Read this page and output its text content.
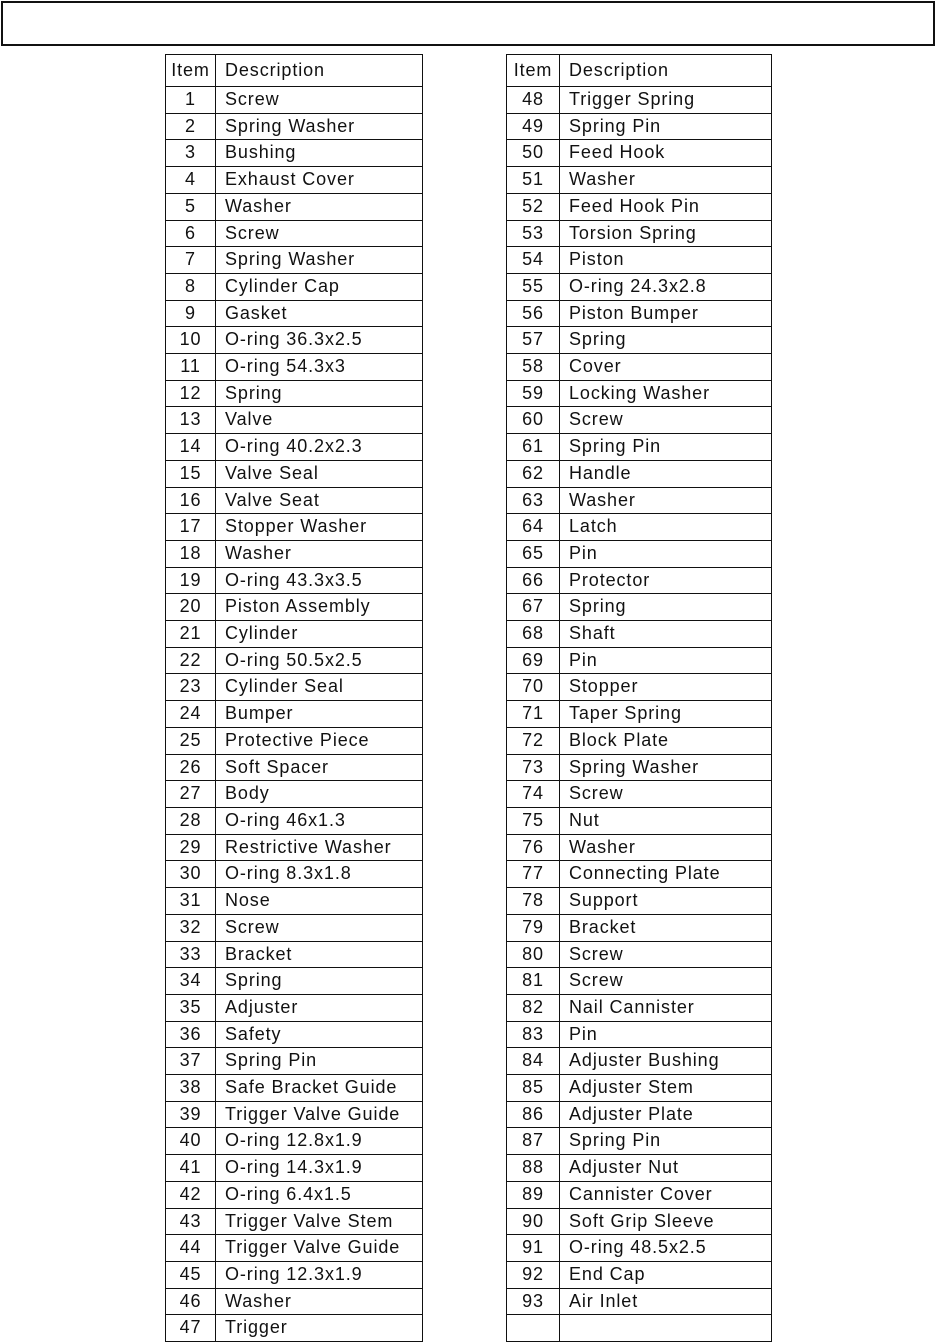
Item	Description
1	Screw
2	Spring Washer
3	Bushing
4	Exhaust Cover
5	Washer
6	Screw
7	Spring Washer
8	Cylinder Cap
9	Gasket
10	O-ring 36.3x2.5
11	O-ring 54.3x3
12	Spring
13	Valve
14	O-ring 40.2x2.3
15	Valve Seal
16	Valve Seat
17	Stopper Washer
18	Washer
19	O-ring 43.3x3.5
20	Piston Assembly
21	Cylinder
22	O-ring 50.5x2.5
23	Cylinder Seal
24	Bumper
25	Protective Piece
26	Soft Spacer
27	Body
28	O-ring 46x1.3
29	Restrictive Washer
30	O-ring 8.3x1.8
31	Nose
32	Screw
33	Bracket
34	Spring
35	Adjuster
36	Safety
37	Spring Pin
38	Safe Bracket Guide
39	Trigger Valve Guide
40	O-ring 12.8x1.9
41	O-ring 14.3x1.9
42	O-ring 6.4x1.5
43	Trigger Valve Stem
44	Trigger Valve Guide
45	O-ring 12.3x1.9
46	Washer
47	Trigger
Item	Description
48	Trigger Spring
49	Spring Pin
50	Feed Hook
51	Washer
52	Feed Hook Pin
53	Torsion Spring
54	Piston
55	O-ring 24.3x2.8
56	Piston Bumper
57	Spring
58	Cover
59	Locking Washer
60	Screw
61	Spring Pin
62	Handle
63	Washer
64	Latch
65	Pin
66	Protector
67	Spring
68	Shaft
69	Pin
70	Stopper
71	Taper Spring
72	Block Plate
73	Spring Washer
74	Screw
75	Nut
76	Washer
77	Connecting Plate
78	Support
79	Bracket
80	Screw
81	Screw
82	Nail Cannister
83	Pin
84	Adjuster Bushing
85	Adjuster Stem
86	Adjuster Plate
87	Spring Pin
88	Adjuster Nut
89	Cannister Cover
90	Soft Grip Sleeve
91	O-ring 48.5x2.5
92	End Cap
93	Air Inlet
